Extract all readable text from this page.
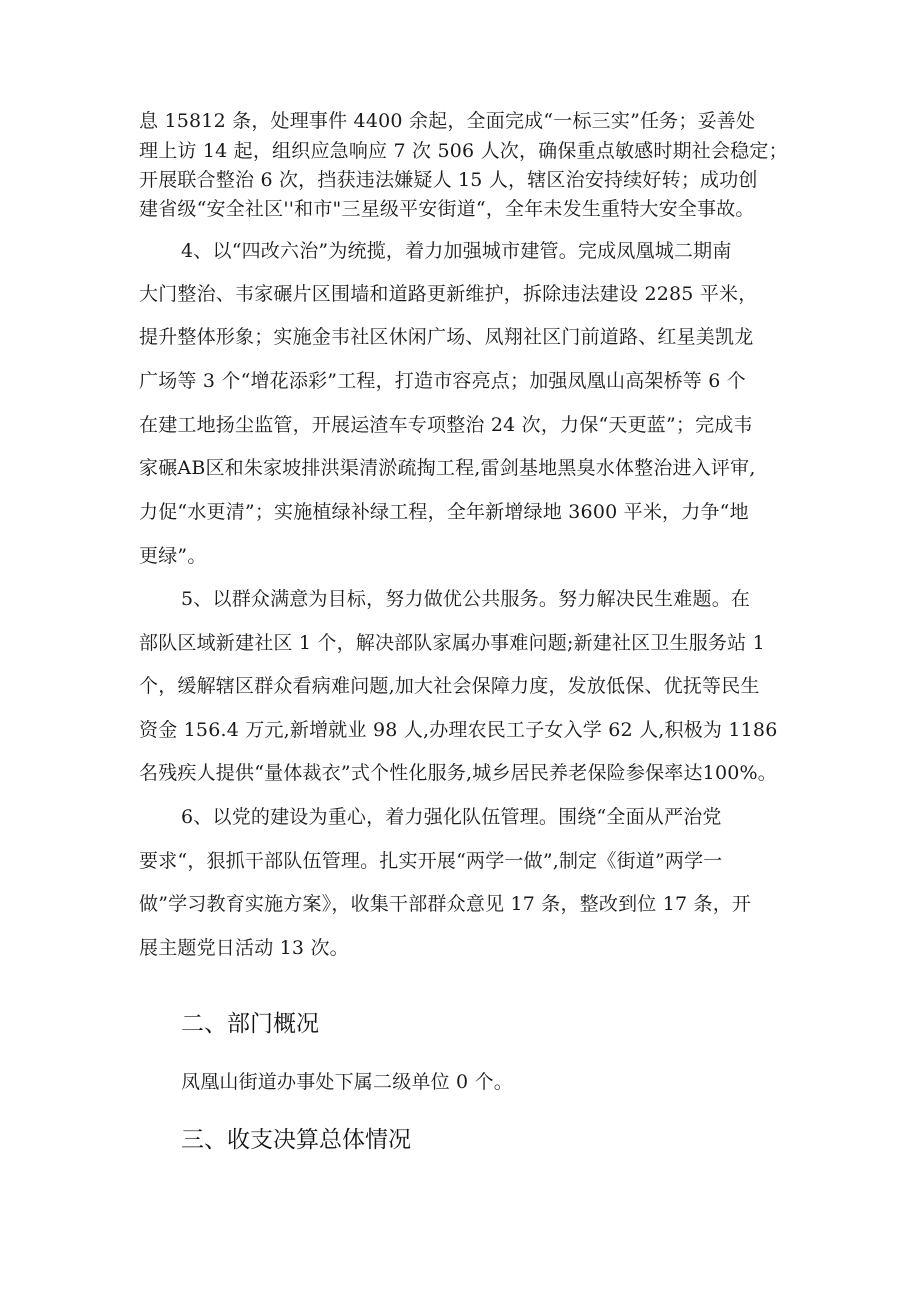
息 15812 条，处理事件 4400 余起，全面完成“一标三实”任务；妥善处
理上访 14 起，组织应急响应 7 次 506 人次，确保重点敏感时期社会稳定；
开展联合整治 6 次，挡获违法嫌疑人 15 人，辖区治安持续好转；成功创
建省级“安全社区''和市"三星级平安街道“，全年未发生重特大安全事故。
4、以“四改六治”为统揽，着力加强城市建管。完成凤凰城二期南
大门整治、韦家碾片区围墙和道路更新维护，拆除违法建设 2285 平米，
提升整体形象；实施金韦社区休闲广场、凤翔社区门前道路、红星美凯龙
广场等 3 个“增花添彩”工程，打造市容亮点；加强凤凰山高架桥等 6 个
在建工地扬尘监管，开展运渣车专项整治 24 次，力保“天更蓝”；完成韦
家碾AB区和朱家坡排洪渠清淤疏掏工程,雷剑基地黑臭水体整治进入评审,
力促“水更清”；实施植绿补绿工程，全年新增绿地 3600 平米，力争“地
更绿”。
5、以群众满意为目标，努力做优公共服务。努力解决民生难题。在
部队区域新建社区 1 个，解决部队家属办事难问题;新建社区卫生服务站 1
个，缓解辖区群众看病难问题,加大社会保障力度，发放低保、优抚等民生
资金 156.4 万元,新增就业 98 人,办理农民工子女入学 62 人,积极为 1186
名残疾人提供“量体裁衣”式个性化服务,城乡居民养老保险参保率达100%。
6、以党的建设为重心，着力强化队伍管理。围绕“全面从严治党
要求“，狠抓干部队伍管理。扎实开展“两学一做”,制定《街道”两学一
做”学习教育实施方案》，收集干部群众意见 17 条，整改到位 17 条，开
展主题党日活动 13 次。
二、部门概况
凤凰山街道办事处下属二级单位 0 个。
三、收支决算总体情况
